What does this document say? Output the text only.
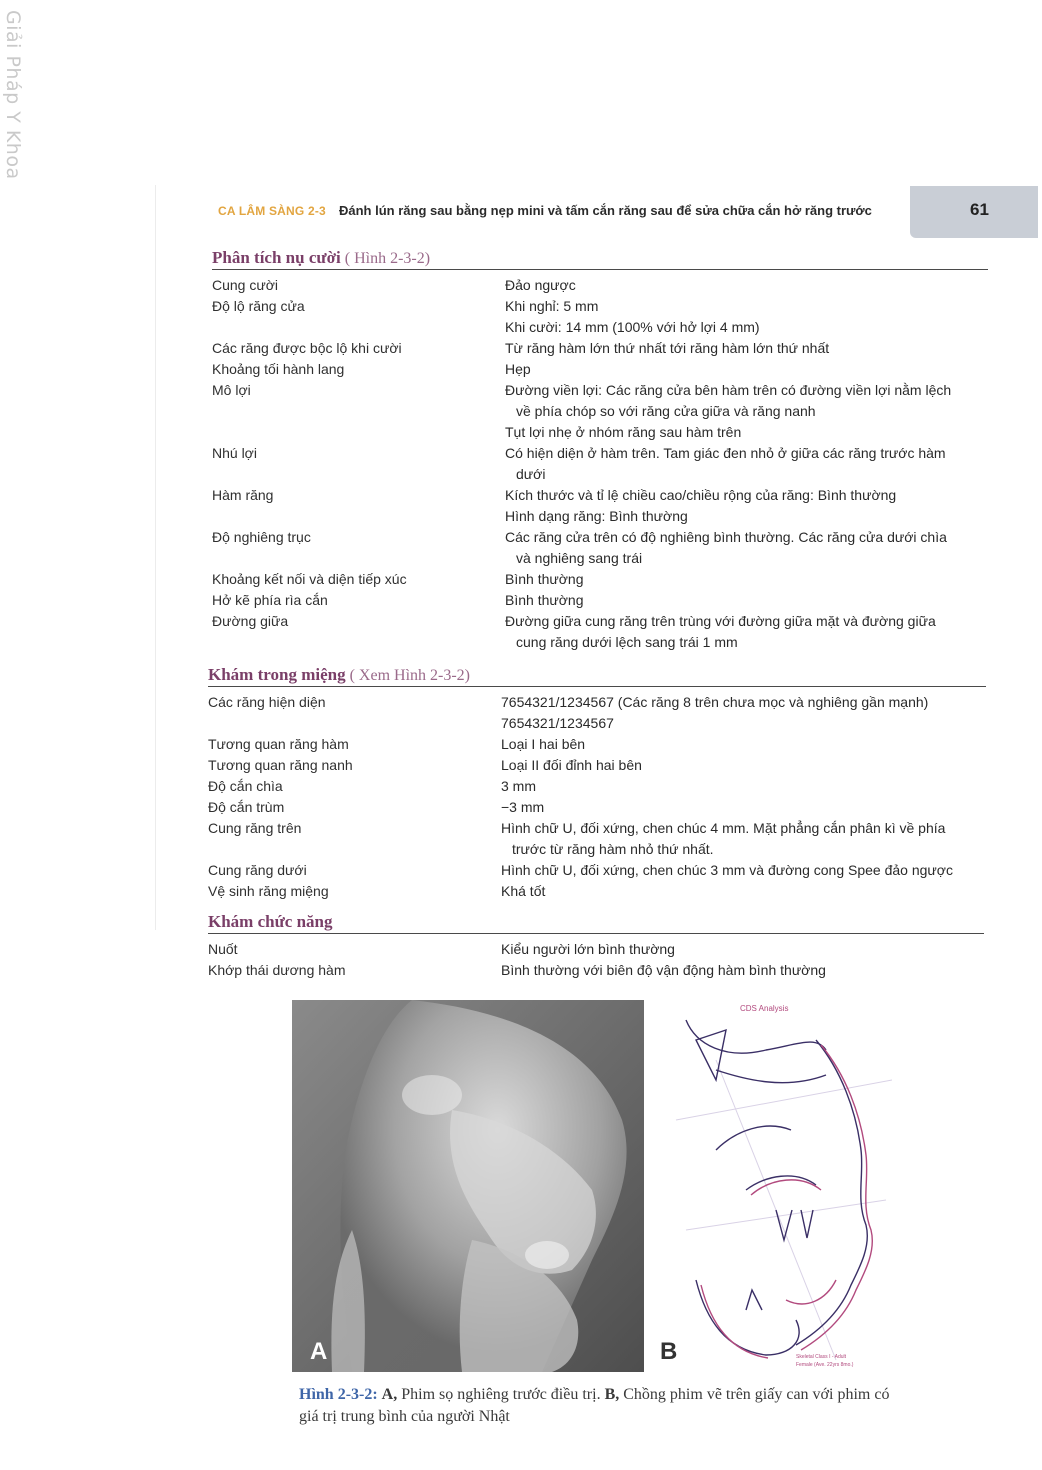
Giải Pháp Y Khoa
CA LÂM SÀNG 2-3 Đánh lún răng sau bằng nẹp mini và tấm cắn răng sau để sửa chữa cắn hở răng trước	61
Phân tích nụ cười ( Hình 2-3-2)
Cung cười	Đảo ngược
Độ lộ răng cửa	Khi nghỉ: 5 mm
Khi cười: 14 mm (100% với hở lợi 4 mm)
Các răng được bộc lộ khi cười	Từ răng hàm lớn thứ nhất tới răng hàm lớn thứ nhất
Khoảng tối hành lang	Hẹp
Mô lợi	Đường viền lợi: Các răng cửa bên hàm trên có đường viền lợi nằm lệch
về phía chóp so với răng cửa giữa và răng nanh
Tụt lợi nhẹ ở nhóm răng sau hàm trên
Nhú lợi	Có hiện diện ở hàm trên. Tam giác đen nhỏ ở giữa các răng trước hàm
dưới
Hàm răng	Kích thước và tỉ lệ chiều cao/chiều rộng của răng: Bình thường
Hình dạng răng: Bình thường
Độ nghiêng trục	Các răng cửa trên có độ nghiêng bình thường. Các răng cửa dưới chìa
và nghiêng sang trái
Khoảng kết nối và diện tiếp xúc	Bình thường
Hở kẽ phía rìa cắn	Bình thường
Đường giữa	Đường giữa cung răng trên trùng với đường giữa mặt và đường giữa
cung răng dưới lệch sang trái 1 mm
Khám trong miệng ( Xem Hình 2-3-2)
Các răng hiện diện	7654321/1234567 (Các răng 8 trên chưa mọc và nghiêng gần mạnh)
7654321/1234567
Tương quan răng hàm	Loại I hai bên
Tương quan răng nanh	Loại II đối đỉnh hai bên
Độ cắn chìa	3 mm
Độ cắn trùm	−3 mm
Cung răng trên	Hình chữ U, đối xứng, chen chúc 4 mm. Mặt phẳng cắn phân kì về phía
trước từ răng hàm nhỏ thứ nhất.
Cung răng dưới	Hình chữ U, đối xứng, chen chúc 3 mm và đường cong Spee đảo ngược
Vệ sinh răng miệng	Khá tốt
Khám chức năng
Nuốt	Kiểu người lớn bình thường
Khớp thái dương hàm	Bình thường với biên độ vận động hàm bình thường
A
CDS Analysis
B	Skeletal Class I - Adult
Female (Ave. 22yrs 8mo.)
Hình 2-3-2: A, Phim sọ nghiêng trước điều trị. B, Chồng phim vẽ trên giấy can với phim có giá trị trung bình của người Nhật
